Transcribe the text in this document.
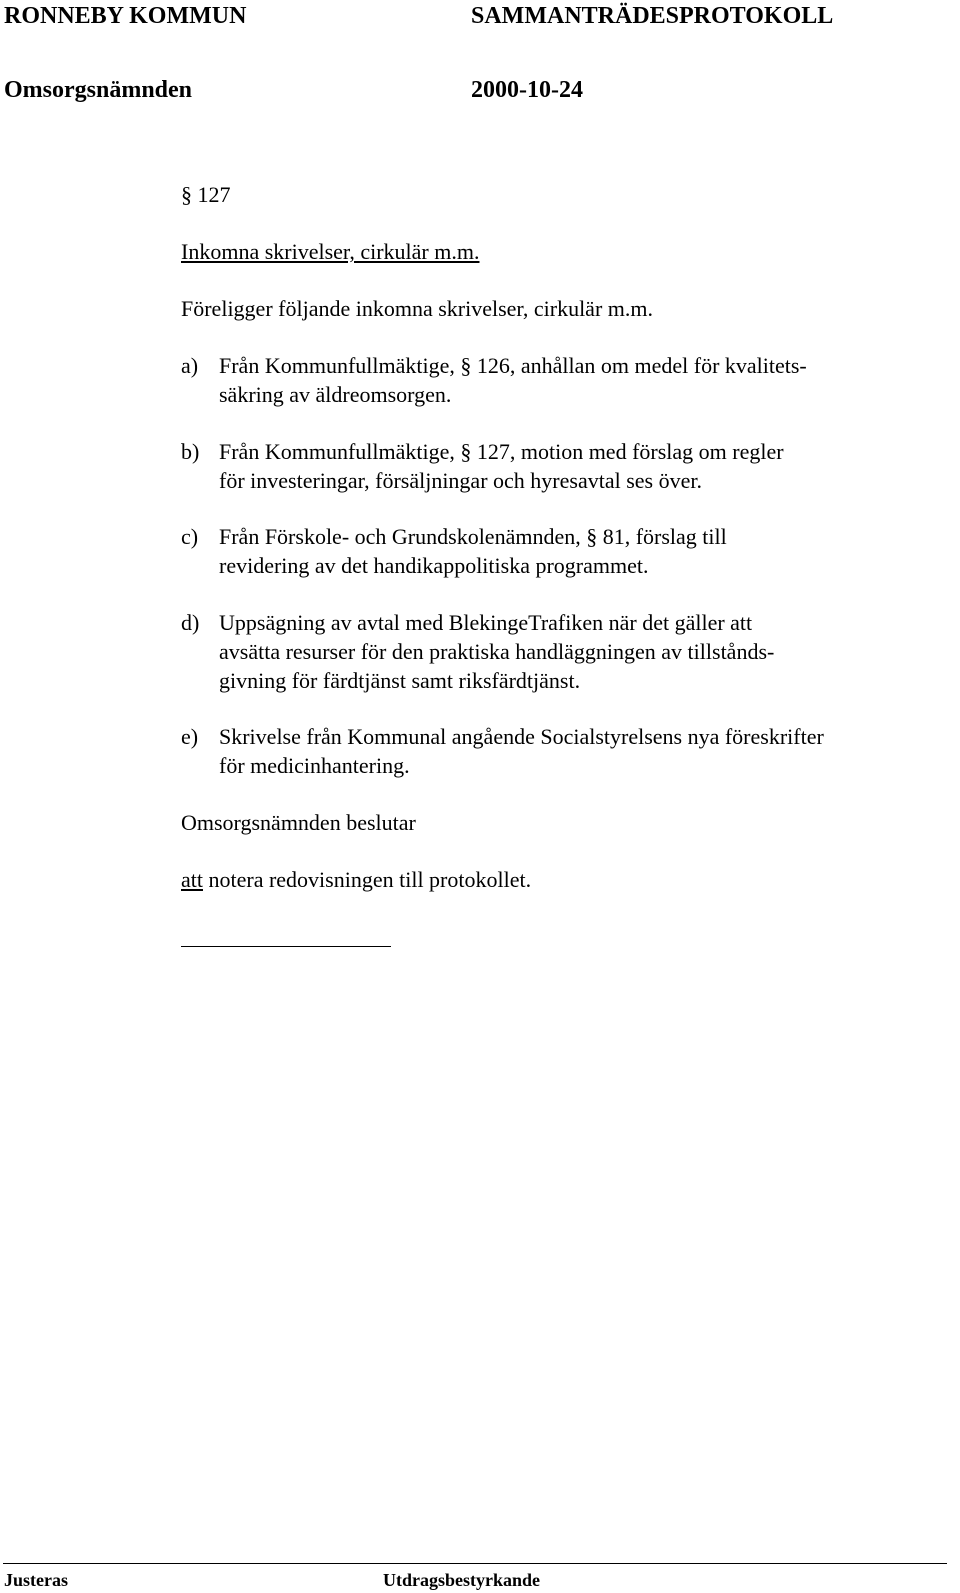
RONNEBY KOMMUN	SAMMANTRÄDESPROTOKOLL
Omsorgsnämnden	2000-10-24
§ 127
Inkomna skrivelser, cirkulär m.m.
Föreligger följande inkomna skrivelser, cirkulär m.m.
a) Från Kommunfullmäktige, § 126, anhållan om medel för kvalitets-
säkring av äldreomsorgen.
b) Från Kommunfullmäktige, § 127, motion med förslag om regler
för investeringar, försäljningar och hyresavtal ses över.
c) Från Förskole- och Grundskolenämnden, § 81, förslag till
revidering av det handikappolitiska programmet.
d) Uppsägning av avtal med BlekingeTrafiken när det gäller att
avsätta resurser för den praktiska handläggningen av tillstånds-
givning för färdtjänst samt riksfärdtjänst.
e) Skrivelse från Kommunal angående Socialstyrelsens nya föreskrifter
för medicinhantering.
Omsorgsnämnden beslutar
att notera redovisningen till protokollet.
Justeras	Utdragsbestyrkande
